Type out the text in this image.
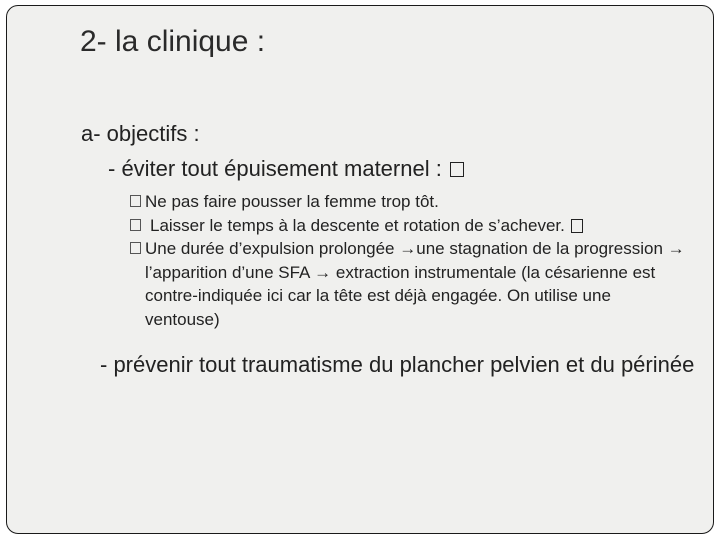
2- la clinique :
a- objectifs :
- éviter tout épuisement maternel :
Ne pas faire pousser la femme trop tôt.
Laisser le temps à la descente et rotation de s’achever.
Une durée d’expulsion prolongée →une stagnation de la progression → l’apparition d’une SFA → extraction instrumentale (la césarienne est contre-indiquée ici car la tête est déjà engagée. On utilise une ventouse)
- prévenir tout traumatisme du plancher pelvien et du périnée
